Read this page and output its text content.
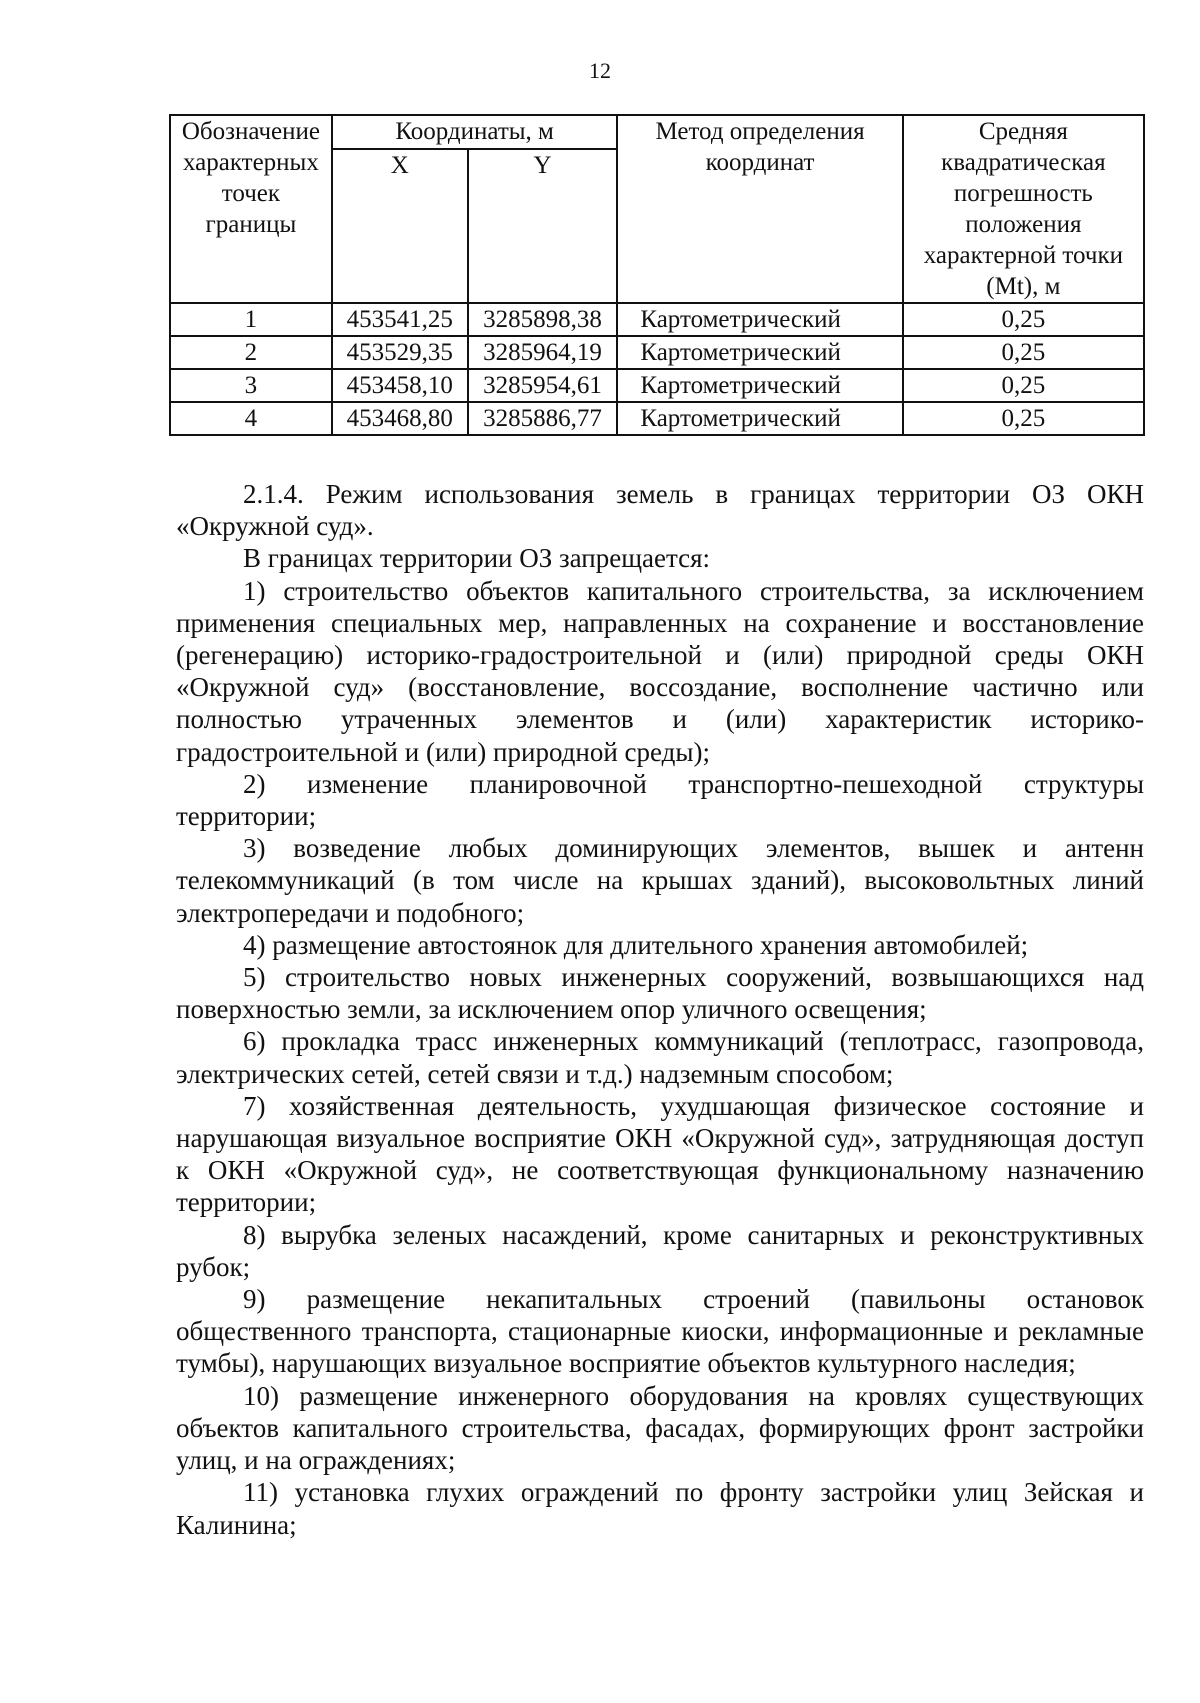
12
Обозначение характерных точек границы	Координаты, м		Метод определения координат	Средняя квадратическая погрешность положения характерной точки (Mt), м
	X	Y		
1	453541,25	3285898,38	Картометрический	0,25
2	453529,35	3285964,19	Картометрический	0,25
3	453458,10	3285954,61	Картометрический	0,25
4	453468,80	3285886,77	Картометрический	0,25

2.1.4. Режим использования земель в границах территории ОЗ ОКН «Окружной суд».

В границах территории ОЗ запрещается:

1) строительство объектов капитального строительства, за исключением применения специальных мер, направленных на сохранение и восстановление (регенерацию) историко-градостроительной и (или) природной среды ОКН «Окружной суд» (восстановление, воссоздание, восполнение частично или полностью утраченных элементов и (или) характеристик историко-градостроительной и (или) природной среды);

2) изменение планировочной транспортно-пешеходной структуры территории;

3) возведение любых доминирующих элементов, вышек и антенн телекоммуникаций (в том числе на крышах зданий), высоковольтных линий электропередачи и подобного;

4) размещение автостоянок для длительного хранения автомобилей;

5) строительство новых инженерных сооружений, возвышающихся над поверхностью земли, за исключением опор уличного освещения;

6) прокладка трасс инженерных коммуникаций (теплотрасс, газопровода, электрических сетей, сетей связи и т.д.) надземным способом;

7) хозяйственная деятельность, ухудшающая физическое состояние и нарушающая визуальное восприятие ОКН «Окружной суд», затрудняющая доступ к ОКН «Окружной суд», не соответствующая функциональному назначению территории;

8) вырубка зеленых насаждений, кроме санитарных и реконструктивных рубок;

9) размещение некапитальных строений (павильоны остановок общественного транспорта, стационарные киоски, информационные и рекламные тумбы), нарушающих визуальное восприятие объектов культурного наследия;

10) размещение инженерного оборудования на кровлях существующих объектов капитального строительства, фасадах, формирующих фронт застройки улиц, и на ограждениях;

11) установка глухих ограждений по фронту застройки улиц Зейская и Калинина;
